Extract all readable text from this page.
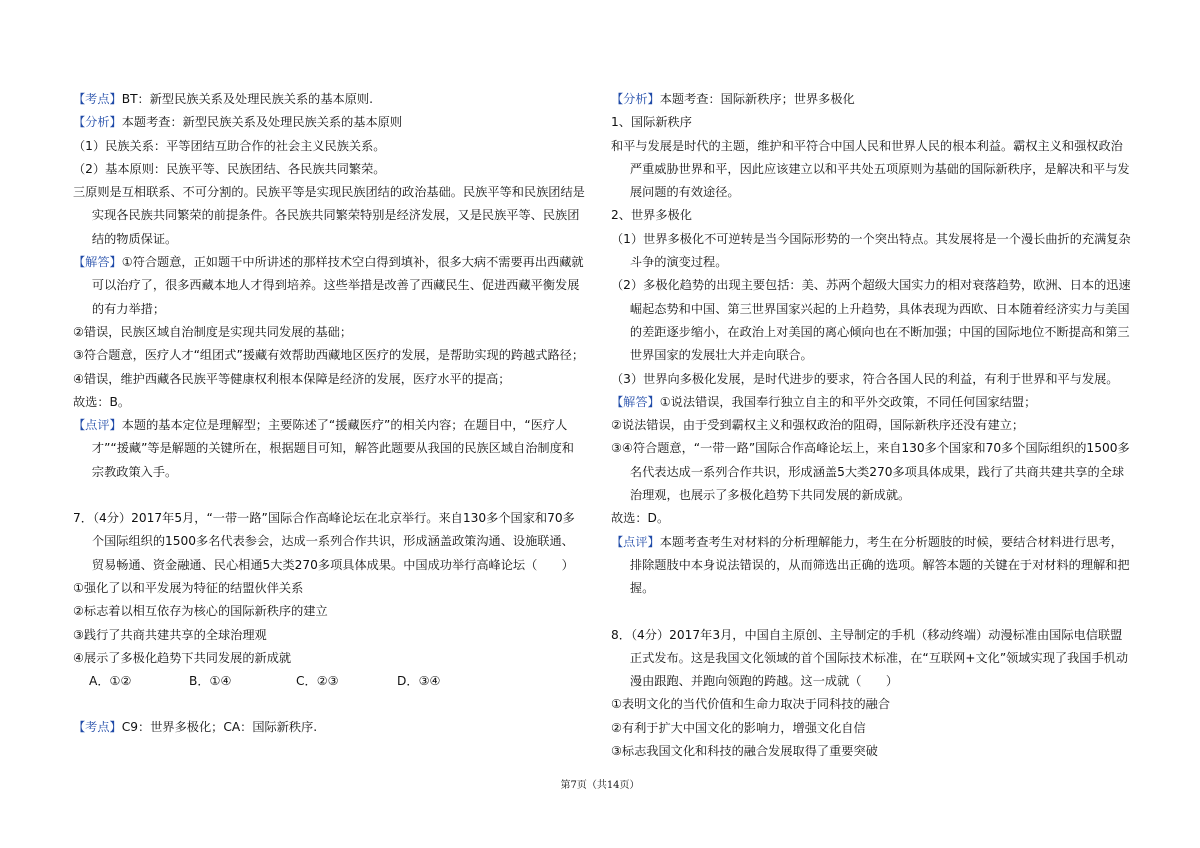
【考点】BT：新型民族关系及处理民族关系的基本原则.

【分析】本题考查：新型民族关系及处理民族关系的基本原则

（1）民族关系：平等团结互助合作的社会主义民族关系。

（2）基本原则：民族平等、民族团结、各民族共同繁荣。

三原则是互相联系、不可分割的。民族平等是实现民族团结的政治基础。民族平等和民族团结是实现各民族共同繁荣的前提条件。各民族共同繁荣特别是经济发展，又是民族平等、民族团结的物质保证。

【解答】①符合题意，正如题干中所讲述的那样技术空白得到填补，很多大病不需要再出西藏就可以治疗了，很多西藏本地人才得到培养。这些举措是改善了西藏民生、促进西藏平衡发展的有力举措；

②错误，民族区域自治制度是实现共同发展的基础；

③符合题意，医疗人才“组团式”援藏有效帮助西藏地区医疗的发展，是帮助实现的跨越式路径；

④错误，维护西藏各民族平等健康权利根本保障是经济的发展，医疗水平的提高；

故选：B。

【点评】本题的基本定位是理解型；主要陈述了“援藏医疗”的相关内容；在题目中，“医疗人才”“援藏”等是解题的关键所在，根据题目可知，解答此题要从我国的民族区域自治制度和宗教政策入手。

7．（4分）2017年5月，“一带一路”国际合作高峰论坛在北京举行。来自130多个国家和70多个国际组织的1500多名代表参会，达成一系列合作共识，形成涵盖政策沟通、设施联通、贸易畅通、资金融通、民心相通5大类270多项具体成果。中国成功举行高峰论坛（　　）

①强化了以和平发展为特征的结盟伙伴关系

②标志着以相互依存为核心的国际新秩序的建立

③践行了共商共建共享的全球治理观

④展示了多极化趋势下共同发展的新成就

A．①②	B．①④	C．②③	D．③④

【考点】C9：世界多极化；CA：国际新秩序.

【分析】本题考查：国际新秩序；世界多极化

1、国际新秩序

和平与发展是时代的主题，维护和平符合中国人民和世界人民的根本利益。霸权主义和强权政治严重威胁世界和平，因此应该建立以和平共处五项原则为基础的国际新秩序，是解决和平与发展问题的有效途径。

2、世界多极化

（1）世界多极化不可逆转是当今国际形势的一个突出特点。其发展将是一个漫长曲折的充满复杂斗争的演变过程。

（2）多极化趋势的出现主要包括：美、苏两个超级大国实力的相对衰落趋势，欧洲、日本的迅速崛起态势和中国、第三世界国家兴起的上升趋势，具体表现为西欧、日本随着经济实力与美国的差距逐步缩小，在政治上对美国的离心倾向也在不断加强；中国的国际地位不断提高和第三世界国家的发展壮大并走向联合。

（3）世界向多极化发展，是时代进步的要求，符合各国人民的利益，有利于世界和平与发展。

【解答】①说法错误，我国奉行独立自主的和平外交政策，不同任何国家结盟；

②说法错误，由于受到霸权主义和强权政治的阻碍，国际新秩序还没有建立；

③④符合题意，“一带一路”国际合作高峰论坛上，来自130多个国家和70多个国际组织的1500多名代表达成一系列合作共识，形成涵盖5大类270多项具体成果，践行了共商共建共享的全球治理观，也展示了多极化趋势下共同发展的新成就。

故选：D。

【点评】本题考查考生对材料的分析理解能力，考生在分析题肢的时候，要结合材料进行思考，排除题肢中本身说法错误的，从而筛选出正确的选项。解答本题的关键在于对材料的理解和把握。

8．（4分）2017年3月，中国自主原创、主导制定的手机（移动终端）动漫标准由国际电信联盟正式发布。这是我国文化领域的首个国际技术标准，在“互联网+文化”领域实现了我国手机动漫由跟跑、并跑向领跑的跨越。这一成就（　　）

①表明文化的当代价值和生命力取决于同科技的融合

②有利于扩大中国文化的影响力，增强文化自信

③标志我国文化和科技的融合发展取得了重要突破

第7页（共14页）
